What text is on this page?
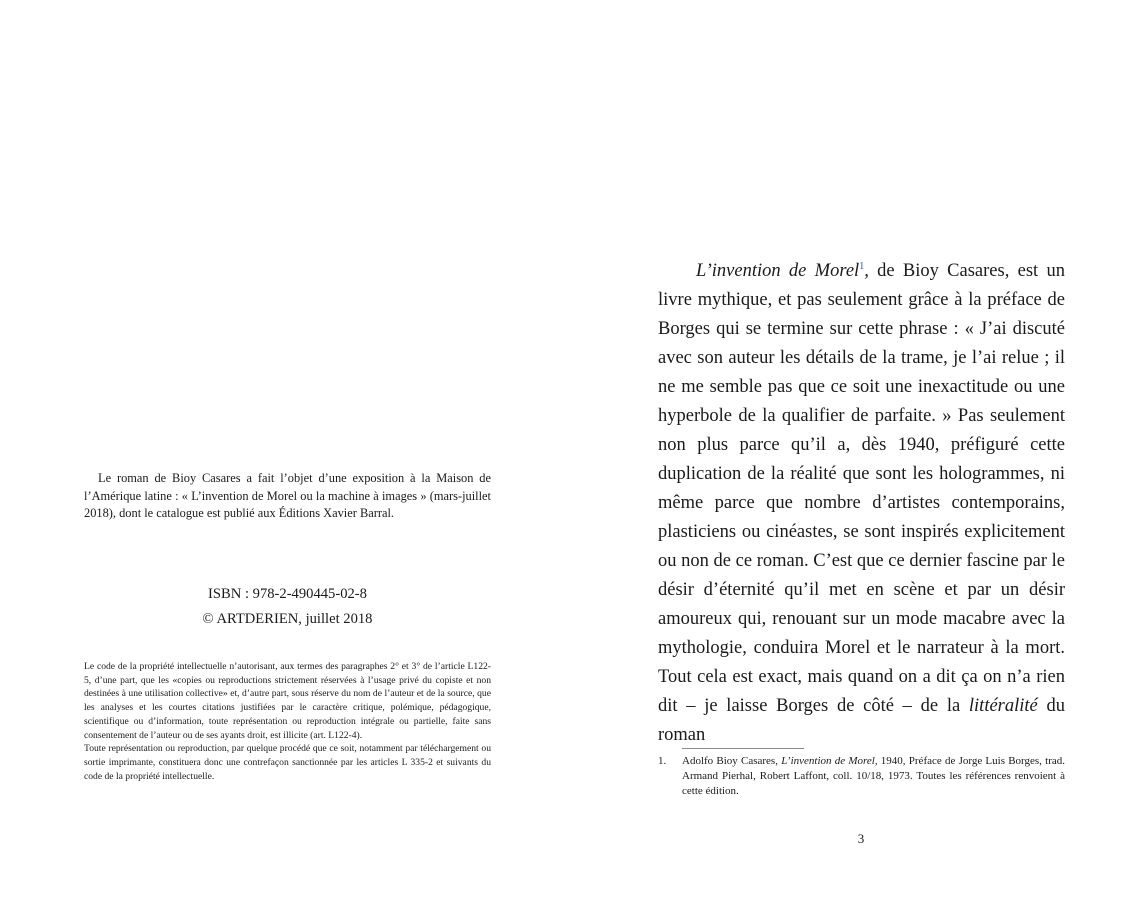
Le roman de Bioy Casares a fait l’objet d’une exposition à la Maison de l’Amérique latine : « L’invention de Morel ou la machine à images » (mars-juillet 2018), dont le catalogue est publié aux Éditions Xavier Barral.

ISBN : 978-2-490445-02-8
© ARTDERIEN, juillet 2018

Le code de la propriété intellectuelle n’autorisant, aux termes des paragraphes 2° et 3° de l’article L122-5, d’une part, que les «copies ou reproductions strictement réservées à l’usage privé du copiste et non destinées à une utilisation collective» et, d’autre part, sous réserve du nom de l’auteur et de la source, que les analyses et les courtes citations justifiées par le caractère critique, polémique, pédagogique, scientifique ou d’information, toute représentation ou reproduction intégrale ou partielle, faite sans consentement de l’auteur ou de ses ayants droit, est illicite (art. L122-4).

Toute représentation ou reproduction, par quelque procédé que ce soit, notamment par téléchargement ou sortie imprimante, constituera donc une contrefaçon sanctionnée par les articles L 335-2 et suivants du code de la propriété intellectuelle.

L’invention de Morel$^1$, de Bioy Casares, est un livre mythique, et pas seulement grâce à la préface de Borges qui se termine sur cette phrase : « J’ai discuté avec son auteur les détails de la trame, je l’ai relue ; il ne me semble pas que ce soit une inexactitude ou une hyperbole de la qualifier de parfaite. » Pas seulement non plus parce qu’il a, dès 1940, préfiguré cette duplication de la réalité que sont les hologrammes, ni même parce que nombre d’artistes contemporains, plasticiens ou cinéastes, se sont inspirés explicitement ou non de ce roman. C’est que ce dernier fascine par le désir d’éternité qu’il met en scène et par un désir amoureux qui, renouant sur un mode macabre avec la mythologie, conduira Morel et le narrateur à la mort. Tout cela est exact, mais quand on a dit ça on n’a rien dit – je laisse Borges de côté – de la littéralité du roman

1.	Adolfo Bioy Casares, L’invention de Morel, 1940, Préface de Jorge Luis Borges, trad. Armand Pierhal, Robert Laffont, coll. 10/18, 1973. Toutes les références renvoient à cette édition.
3
